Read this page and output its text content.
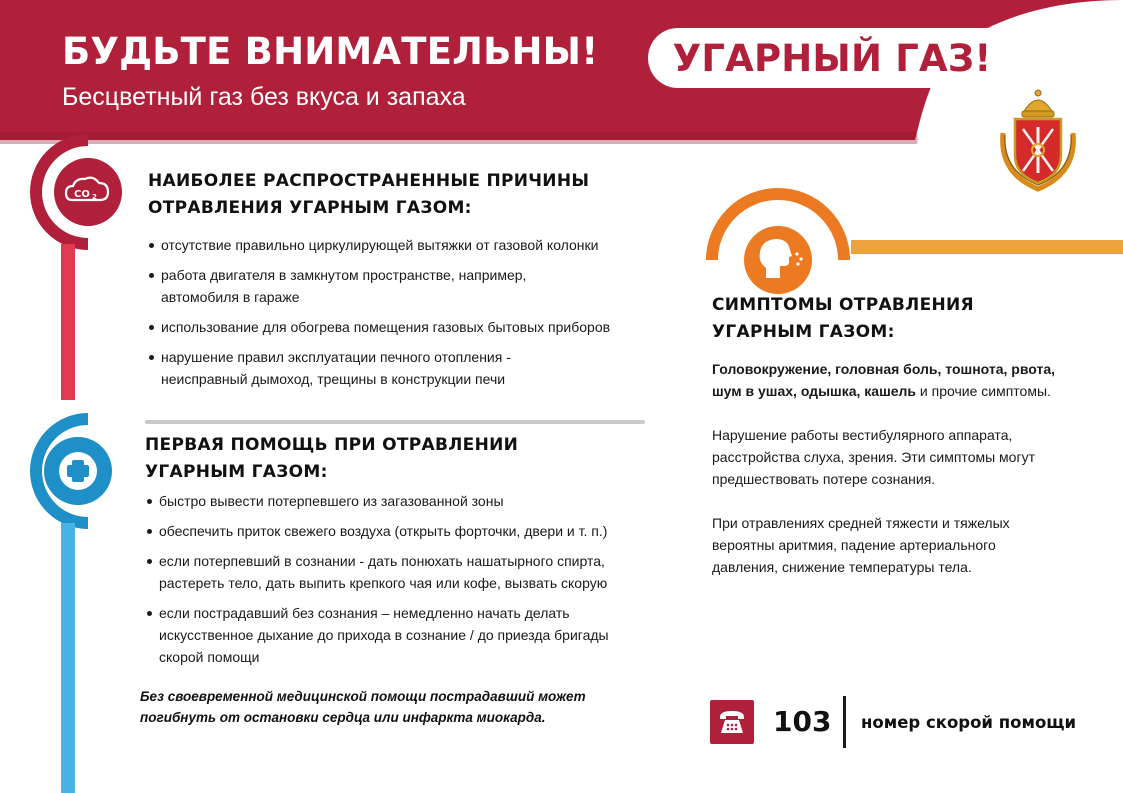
БУДЬТЕ ВНИМАТЕЛЬНЫ! УГАРНЫЙ ГАЗ!
Бесцветный газ без вкуса и запаха
CO 2
НАИБОЛЕЕ РАСПРОСТРАНЕННЫЕ ПРИЧИНЫ
ОТРАВЛЕНИЯ УГАРНЫМ ГАЗОМ:
отсутствие правильно циркулирующей вытяжки от газовой колонки
работа двигателя в замкнутом пространстве, например, автомобиля в гараже
использование для обогрева помещения газовых бытовых приборов
нарушение правил эксплуатации печного отопления - неисправный дымоход, трещины в конструкции печи
ПЕРВАЯ ПОМОЩЬ ПРИ ОТРАВЛЕНИИ
УГАРНЫМ ГАЗОМ:
быстро вывести потерпевшего из загазованной зоны
обеспечить приток свежего воздуха (открыть форточки, двери и т. п.)
если потерпевший в сознании - дать понюхать нашатырного спирта, растереть тело, дать выпить крепкого чая или кофе, вызвать скорую
если пострадавший без сознания – немедленно начать делать искусственное дыхание до прихода в сознание / до приезда бригады скорой помощи
Без своевременной медицинской помощи пострадавший может погибнуть от остановки сердца или инфаркта миокарда.
СИМПТОМЫ ОТРАВЛЕНИЯ
УГАРНЫМ ГАЗОМ:

Головокружение, головная боль, тошнота, рвота, шум в ушах, одышка, кашель и прочие симптомы.

Нарушение работы вестибулярного аппарата, расстройства слуха, зрения. Эти симптомы могут предшествовать потере сознания.

При отравлениях средней тяжести и тяжелых вероятны аритмия, падение артериального давления, снижение температуры тела.

103 номер скорой помощи
